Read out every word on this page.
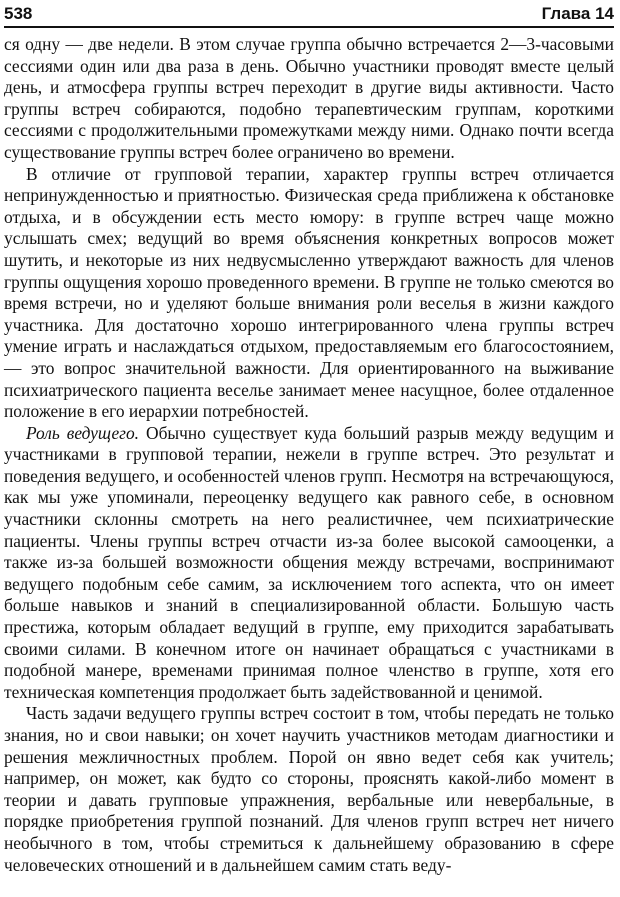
538	Глава 14

ся одну — две недели. В этом случае группа обычно встречается 2—3-часовыми сессиями один или два раза в день. Обычно участники проводят вместе целый день, и атмосфера группы встреч переходит в другие виды активности. Часто группы встреч собираются, подобно терапевтическим группам, короткими сессиями с продолжительными промежутками между ними. Однако почти всегда существование группы встреч более ограничено во времени.

В отличие от групповой терапии, характер группы встреч отличается непринужденностью и приятностью. Физическая среда приближена к обстановке отдыха, и в обсуждении есть место юмору: в группе встреч чаще можно услышать смех; ведущий во время объяснения конкретных вопросов может шутить, и некоторые из них недвусмысленно утверждают важность для членов группы ощущения хорошо проведенного времени. В группе не только смеются во время встречи, но и уделяют больше внимания роли веселья в жизни каждого участника. Для достаточно хорошо интегрированного члена группы встреч умение играть и наслаждаться отдыхом, предоставляемым его благосостоянием, — это вопрос значительной важности. Для ориентированного на выживание психиатрического пациента веселье занимает менее насущное, более отдаленное положение в его иерархии потребностей.

Роль ведущего. Обычно существует куда больший разрыв между ведущим и участниками в групповой терапии, нежели в группе встреч. Это результат и поведения ведущего, и особенностей членов групп. Несмотря на встречающуюся, как мы уже упоминали, переоценку ведущего как равного себе, в основном участники склонны смотреть на него реалистичнее, чем психиатрические пациенты. Члены группы встреч отчасти из-за более высокой самооценки, а также из-за большей возможности общения между встречами, воспринимают ведущего подобным себе самим, за исключением того аспекта, что он имеет больше навыков и знаний в специализированной области. Большую часть престижа, которым обладает ведущий в группе, ему приходится зарабатывать своими силами. В конечном итоге он начинает обращаться с участниками в подобной манере, временами принимая полное членство в группе, хотя его техническая компетенция продолжает быть задействованной и ценимой.

Часть задачи ведущего группы встреч состоит в том, чтобы передать не только знания, но и свои навыки; он хочет научить участников методам диагностики и решения межличностных проблем. Порой он явно ведет себя как учитель; например, он может, как будто со стороны, прояснять какой-либо момент в теории и давать групповые упражнения, вербальные или невербальные, в порядке приобретения группой познаний. Для членов групп встреч нет ничего необычного в том, чтобы стремиться к дальнейшему образованию в сфере человеческих отношений и в дальнейшем самим стать веду-
